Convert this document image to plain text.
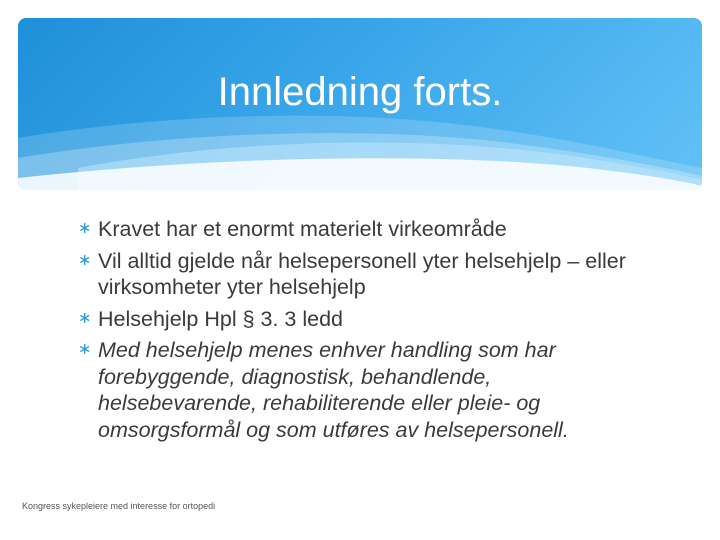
Innledning forts.
∗ Kravet har et enormt materielt virkeområde
∗ Vil alltid gjelde når helsepersonell yter helsehjelp – eller virksomheter yter helsehjelp
∗ Helsehjelp Hpl § 3. 3 ledd
∗ Med helsehjelp menes enhver handling som har forebyggende, diagnostisk, behandlende, helsebevarende, rehabiliterende eller pleie- og omsorgsformål og som utføres av helsepersonell.
Kongress sykepleiere med interesse for ortopedi
